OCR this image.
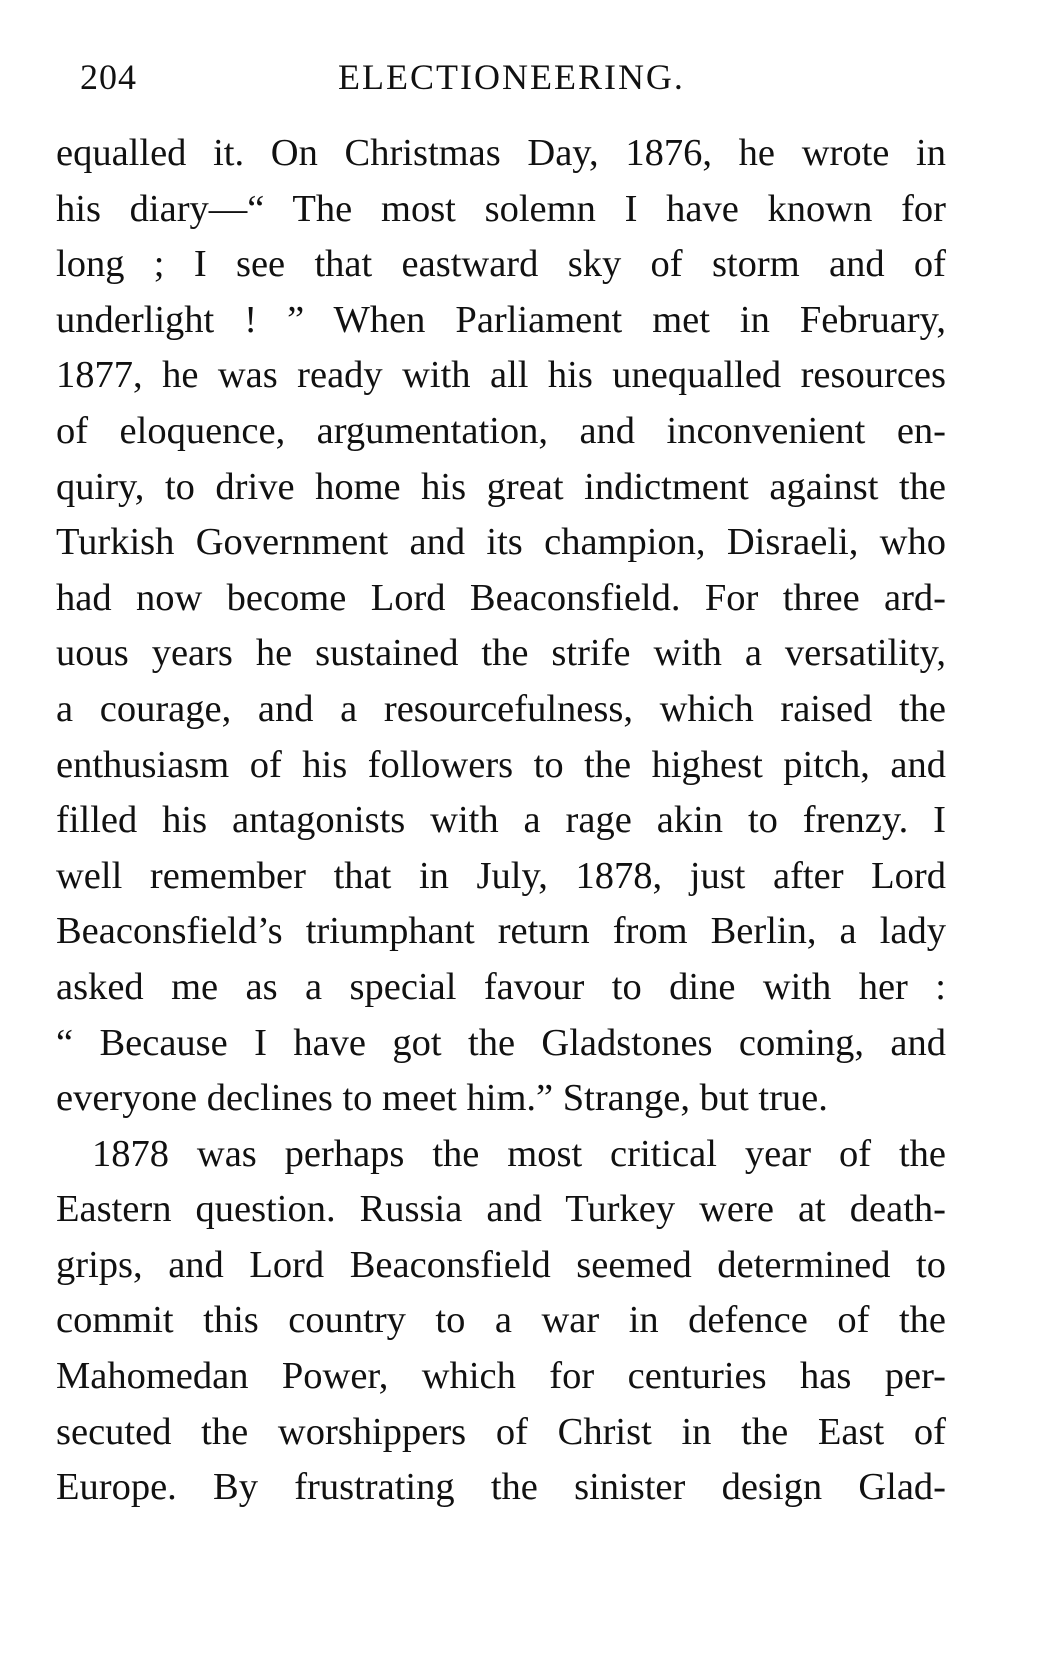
204	ELECTIONEERING.
equalled it. On Christmas Day, 1876, he wrote in
his diary—“ The most solemn I have known for
long ; I see that eastward sky of storm and of
underlight ! ” When Parliament met in February,
1877, he was ready with all his unequalled resources
of eloquence, argumentation, and inconvenient en-
quiry, to drive home his great indictment against the
Turkish Government and its champion, Disraeli, who
had now become Lord Beaconsfield. For three ard-
uous years he sustained the strife with a versatility,
a courage, and a resourcefulness, which raised the
enthusiasm of his followers to the highest pitch, and
filled his antagonists with a rage akin to frenzy. I
well remember that in July, 1878, just after Lord
Beaconsfield’s triumphant return from Berlin, a lady
asked me as a special favour to dine with her :
“ Because I have got the Gladstones coming, and
everyone declines to meet him.” Strange, but true.
1878 was perhaps the most critical year of the
Eastern question. Russia and Turkey were at death-
grips, and Lord Beaconsfield seemed determined to
commit this country to a war in defence of the
Mahomedan Power, which for centuries has per-
secuted the worshippers of Christ in the East of
Europe. By frustrating the sinister design Glad-
